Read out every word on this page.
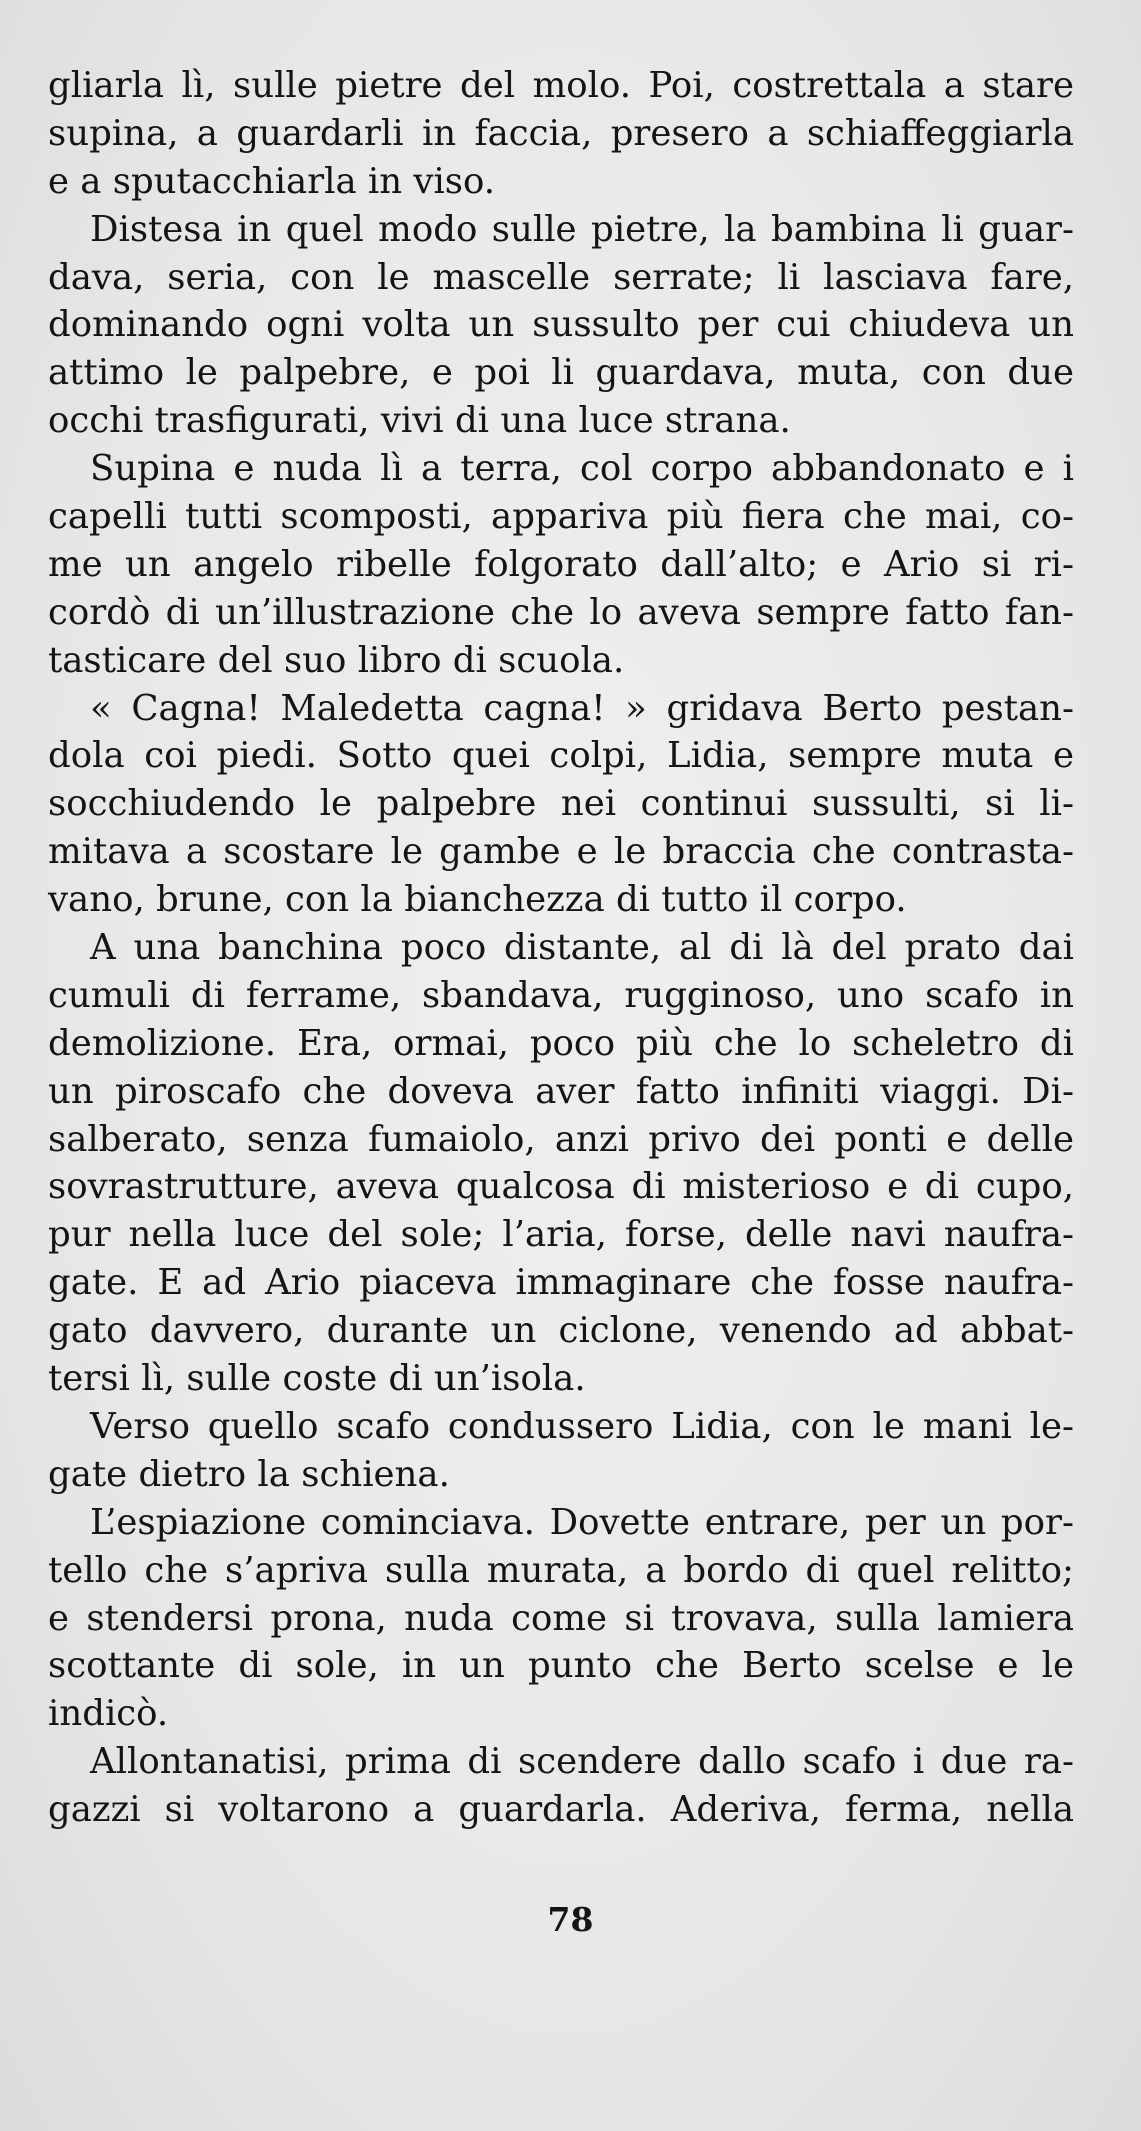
gliarla lì, sulle pietre del molo. Poi, costrettala a stare
supina, a guardarli in faccia, presero a schiaffeggiarla
e a sputacchiarla in viso.
Distesa in quel modo sulle pietre, la bambina li guar-
dava, seria, con le mascelle serrate; li lasciava fare,
dominando ogni volta un sussulto per cui chiudeva un
attimo le palpebre, e poi li guardava, muta, con due
occhi trasfigurati, vivi di una luce strana.
Supina e nuda lì a terra, col corpo abbandonato e i
capelli tutti scomposti, appariva più fiera che mai, co-
me un angelo ribelle folgorato dall’alto; e Ario si ri-
cordò di un’illustrazione che lo aveva sempre fatto fan-
tasticare del suo libro di scuola.
« Cagna! Maledetta cagna! » gridava Berto pestan-
dola coi piedi. Sotto quei colpi, Lidia, sempre muta e
socchiudendo le palpebre nei continui sussulti, si li-
mitava a scostare le gambe e le braccia che contrasta-
vano, brune, con la bianchezza di tutto il corpo.
A una banchina poco distante, al di là del prato dai
cumuli di ferrame, sbandava, rugginoso, uno scafo in
demolizione. Era, ormai, poco più che lo scheletro di
un piroscafo che doveva aver fatto infiniti viaggi. Di-
salberato, senza fumaiolo, anzi privo dei ponti e delle
sovrastrutture, aveva qualcosa di misterioso e di cupo,
pur nella luce del sole; l’aria, forse, delle navi naufra-
gate. E ad Ario piaceva immaginare che fosse naufra-
gato davvero, durante un ciclone, venendo ad abbat-
tersi lì, sulle coste di un’isola.
Verso quello scafo condussero Lidia, con le mani le-
gate dietro la schiena.
L’espiazione cominciava. Dovette entrare, per un por-
tello che s’apriva sulla murata, a bordo di quel relitto;
e stendersi prona, nuda come si trovava, sulla lamiera
scottante di sole, in un punto che Berto scelse e le
indicò.
Allontanatisi, prima di scendere dallo scafo i due ra-
gazzi si voltarono a guardarla. Aderiva, ferma, nella
78
